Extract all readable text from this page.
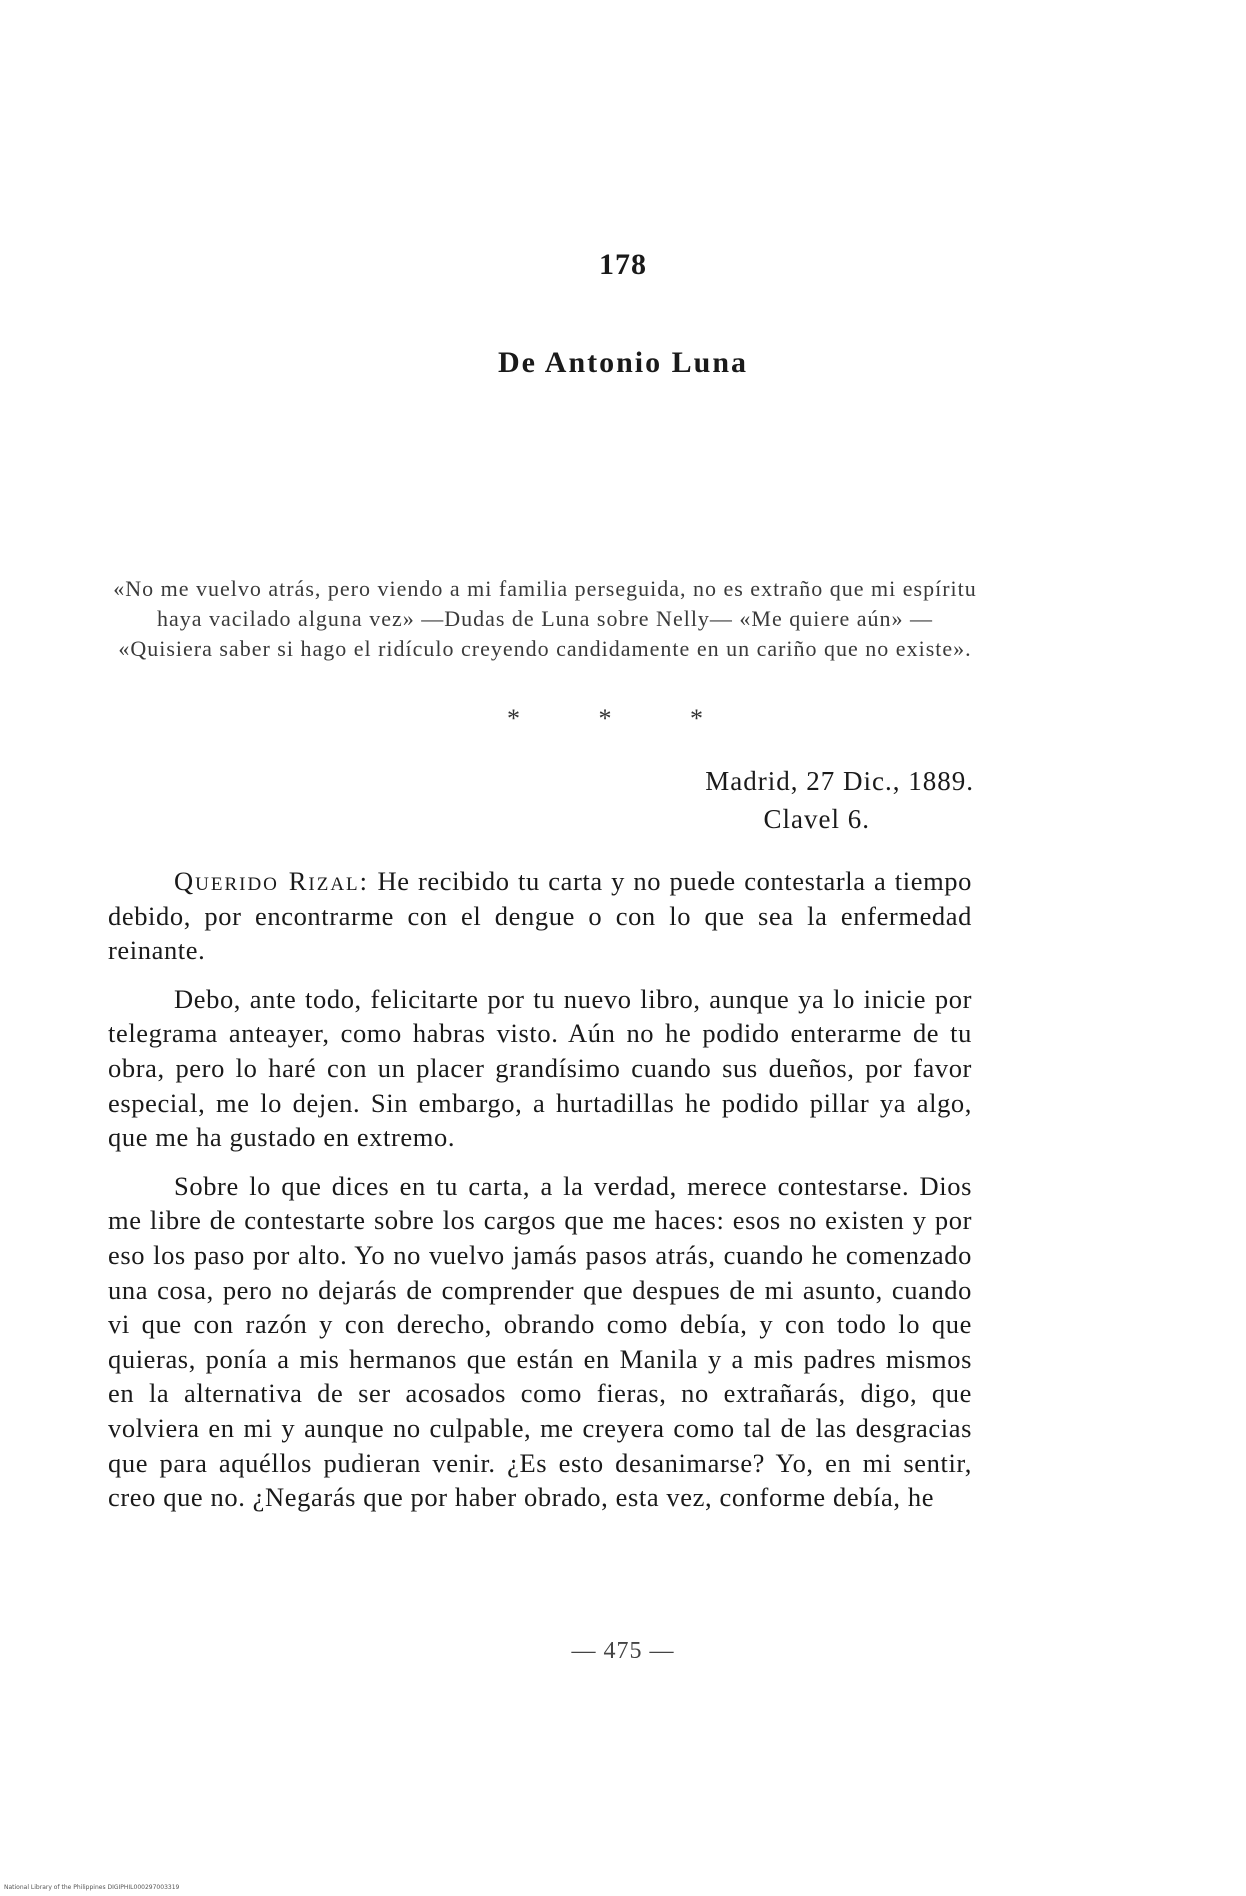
178
De Antonio Luna
«No me vuelvo atrás, pero viendo a mi familia perseguida, no es extraño que mi espíritu haya vacilado alguna vez» —Dudas de Luna sobre Nelly— «Me quiere aún» — «Quisiera saber si hago el ridículo creyendo candidamente en un cariño que no existe».
* * *
Madrid, 27 Dic., 1889.
Clavel 6.

Querido Rizal: He recibido tu carta y no puede contestarla a tiempo debido, por encontrarme con el dengue o con lo que sea la enfermedad reinante.

Debo, ante todo, felicitarte por tu nuevo libro, aunque ya lo inicie por telegrama anteayer, como habras visto. Aún no he podido enterarme de tu obra, pero lo haré con un placer grandísimo cuando sus dueños, por favor especial, me lo dejen. Sin embargo, a hurtadillas he podido pillar ya algo, que me ha gustado en extremo.

Sobre lo que dices en tu carta, a la verdad, merece contestarse. Dios me libre de contestarte sobre los cargos que me haces: esos no existen y por eso los paso por alto. Yo no vuelvo jamás pasos atrás, cuando he comenzado una cosa, pero no dejarás de comprender que despues de mi asunto, cuando vi que con razón y con derecho, obrando como debía, y con todo lo que quieras, ponía a mis hermanos que están en Manila y a mis padres mismos en la alternativa de ser acosados como fieras, no extrañarás, digo, que volviera en mi y aunque no culpable, me creyera como tal de las desgracias que para aquéllos pudieran venir. ¿Es esto desanimarse? Yo, en mi sentir, creo que no. ¿Negarás que por haber obrado, esta vez, conforme debía, he

— 475 —
National Library of the Philippines DIGIPHIL000297003319
